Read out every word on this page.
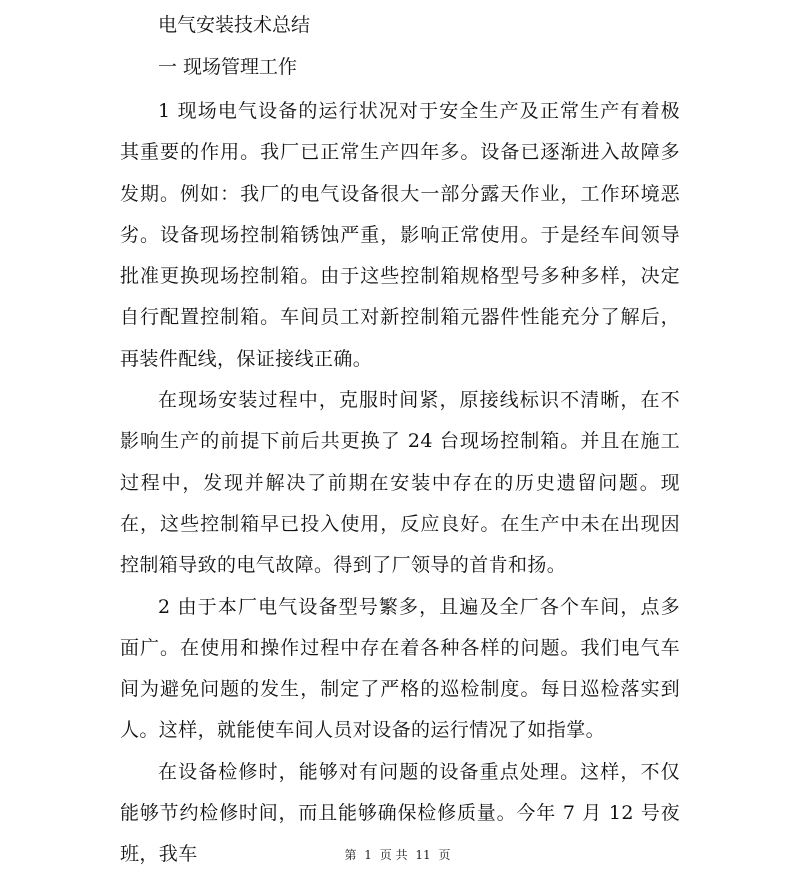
电气安装技术总结
一 现场管理工作

1 现场电气设备的运行状况对于安全生产及正常生产有着极其重要的作用。我厂已正常生产四年多。设备已逐渐进入故障多发期。例如：我厂的电气设备很大一部分露天作业，工作环境恶劣。设备现场控制箱锈蚀严重，影响正常使用。于是经车间领导批准更换现场控制箱。由于这些控制箱规格型号多种多样，决定自行配置控制箱。车间员工对新控制箱元器件性能充分了解后，再装件配线，保证接线正确。

在现场安装过程中，克服时间紧，原接线标识不清晰，在不影响生产的前提下前后共更换了 24 台现场控制箱。并且在施工过程中，发现并解决了前期在安装中存在的历史遗留问题。现在，这些控制箱早已投入使用，反应良好。在生产中未在出现因控制箱导致的电气故障。得到了厂领导的首肯和扬。

2 由于本厂电气设备型号繁多，且遍及全厂各个车间，点多面广。在使用和操作过程中存在着各种各样的问题。我们电气车间为避免问题的发生，制定了严格的巡检制度。每日巡检落实到人。这样，就能使车间人员对设备的运行情况了如指掌。

在设备检修时，能够对有问题的设备重点处理。这样，不仅能够节约检修时间，而且能够确保检修质量。今年 7 月 12 号夜班，我车	第 1 页 共 11 页
